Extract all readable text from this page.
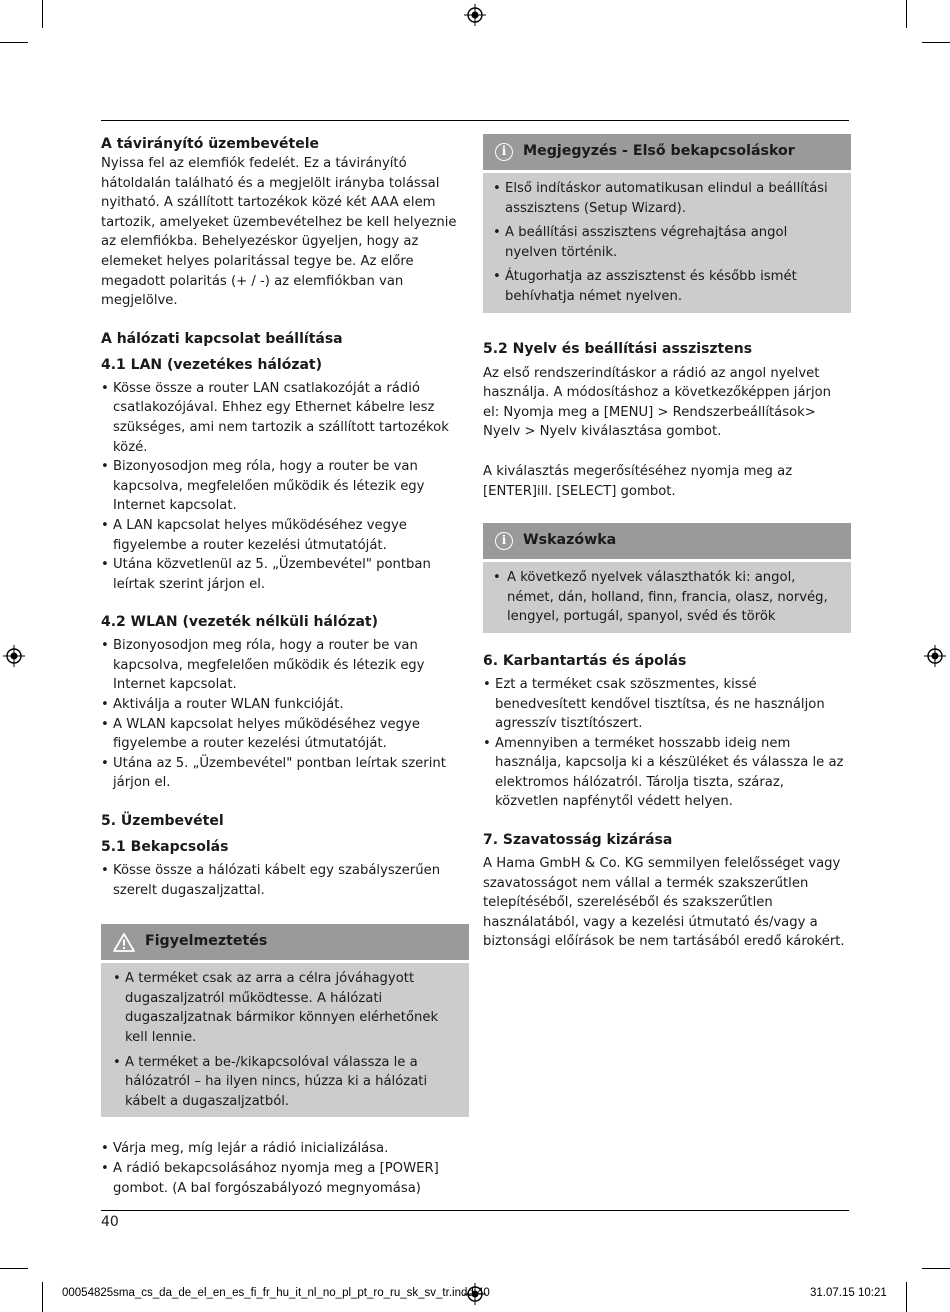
A távirányító üzembevétele

Nyissa fel az elemfiók fedelét. Ez a távirányító hátoldalán található és a megjelölt irányba tolással nyitható. A szállított tartozékok közé két AAA elem tartozik, amelyeket üzembevételhez be kell helyeznie az elemfiókba. Behelyezéskor ügyeljen, hogy az elemeket helyes polaritással tegye be. Az előre megadott polaritás (+ / -) az elemfiókban van megjelölve.

A hálózati kapcsolat beállítása
4.1 LAN (vezetékes hálózat)
• Kösse össze a router LAN csatlakozóját a rádió csatlakozójával. Ehhez egy Ethernet kábelre lesz szükséges, ami nem tartozik a szállított tartozékok közé.
• Bizonyosodjon meg róla, hogy a router be van kapcsolva, megfelelően működik és létezik egy Internet kapcsolat.
• A LAN kapcsolat helyes működéséhez vegye figyelembe a router kezelési útmutatóját.
• Utána közvetlenül az 5. „Üzembevétel" pontban leírtak szerint járjon el.
4.2 WLAN (vezeték nélküli hálózat)
• Bizonyosodjon meg róla, hogy a router be van kapcsolva, megfelelően működik és létezik egy Internet kapcsolat.
• Aktiválja a router WLAN funkcióját.
• A WLAN kapcsolat helyes működéséhez vegye figyelembe a router kezelési útmutatóját.
• Utána az 5. „Üzembevétel" pontban leírtak szerint járjon el.
5. Üzembevétel
5.1 Bekapcsolás
• Kösse össze a hálózati kábelt egy szabályszerűen szerelt dugaszaljzattal.
Figyelmeztetés
• A terméket csak az arra a célra jóváhagyott dugaszaljzatról működtesse. A hálózati dugaszaljzatnak bármikor könnyen elérhetőnek kell lennie.
• A terméket a be-/kikapcsolóval válassza le a hálózatról – ha ilyen nincs, húzza ki a hálózati kábelt a dugaszaljzatból.
• Várja meg, míg lejár a rádió inicializálása.
• A rádió bekapcsolásához nyomja meg a [POWER] gombot. (A bal forgószabályozó megnyomása)
i	Megjegyzés - Első bekapcsoláskor
• Első indításkor automatikusan elindul a beállítási asszisztens (Setup Wizard).
• A beállítási asszisztens végrehajtása angol nyelven történik.
• Átugorhatja az asszisztenst és később ismét behívhatja német nyelven.
5.2 Nyelv és beállítási asszisztens

Az első rendszerindításkor a rádió az angol nyelvet használja. A módosításhoz a következőképpen járjon el: Nyomja meg a [MENU] > Rendszerbeállítások> Nyelv > Nyelv kiválasztása gombot.

A kiválasztás megerősítéséhez nyomja meg az [ENTER]ill. [SELECT] gombot.

i	Wskazówka
• A következő nyelvek választhatók ki: angol, német, dán, holland, finn, francia, olasz, norvég, lengyel, portugál, spanyol, svéd és török
6. Karbantartás és ápolás
• Ezt a terméket csak szöszmentes, kissé benedvesített kendővel tisztítsa, és ne használjon agresszív tisztítószert.
• Amennyiben a terméket hosszabb ideig nem használja, kapcsolja ki a készüléket és válassza le az elektromos hálózatról. Tárolja tiszta, száraz, közvetlen napfénytől védett helyen.
7. Szavatosság kizárása

A Hama GmbH & Co. KG semmilyen felelősséget vagy szavatosságot nem vállal a termék szakszerűtlen telepítéséből, szereléséből és szakszerűtlen használatából, vagy a kezelési útmutató és/vagy a biztonsági előírások be nem tartásából eredő károkért.

40
00054825sma_cs_da_de_el_en_es_fi_fr_hu_it_nl_no_pl_pt_ro_ru_sk_sv_tr.indd 40	31.07.15 10:21
